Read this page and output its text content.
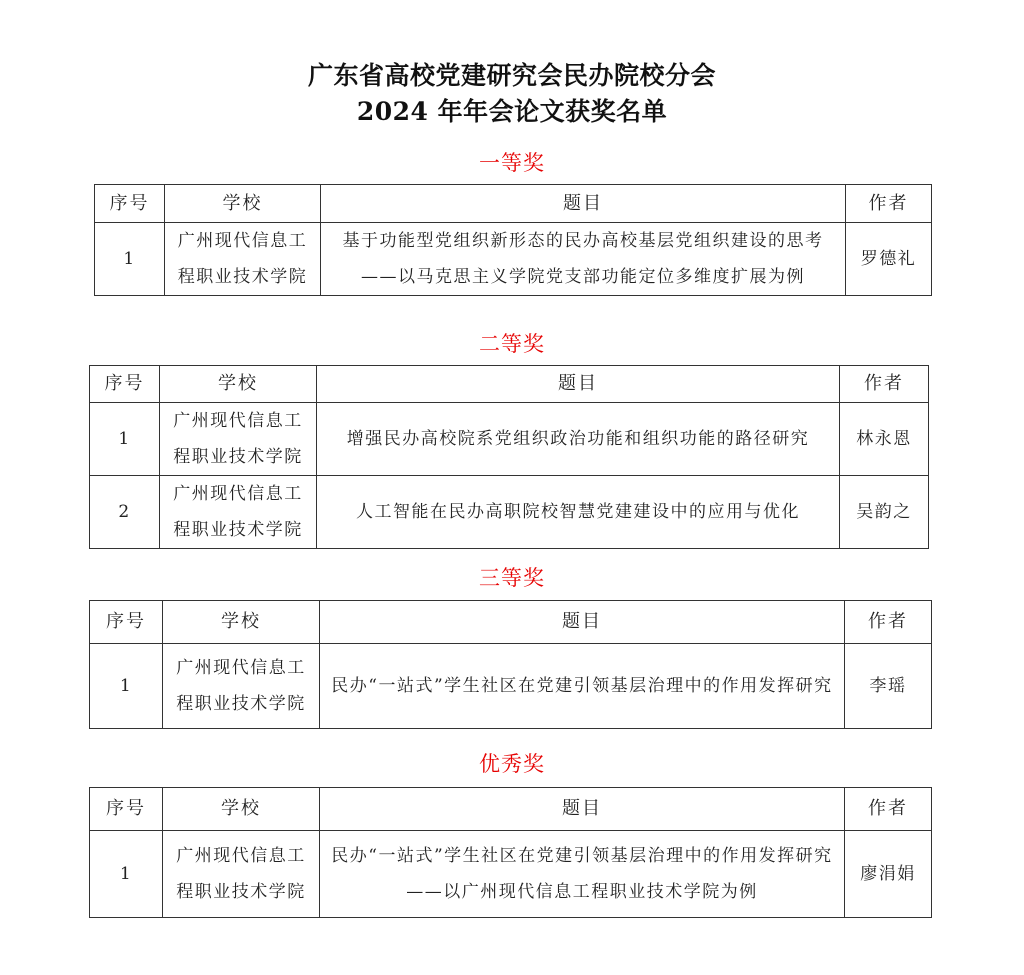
广东省高校党建研究会民办院校分会
2024 年年会论文获奖名单
一等奖
序号	学校	题目	作者
1	广州现代信息工程职业技术学院	基于功能型党组织新形态的民办高校基层党组织建设的思考——以马克思主义学院党支部功能定位多维度扩展为例	罗德礼
二等奖
序号	学校	题目	作者
1	广州现代信息工程职业技术学院	增强民办高校院系党组织政治功能和组织功能的路径研究	林永恩
2	广州现代信息工程职业技术学院	人工智能在民办高职院校智慧党建建设中的应用与优化	吴韵之
三等奖
序号	学校	题目	作者
1	广州现代信息工程职业技术学院	民办“一站式”学生社区在党建引领基层治理中的作用发挥研究	李瑶
优秀奖
序号	学校	题目	作者
1	广州现代信息工程职业技术学院	民办“一站式”学生社区在党建引领基层治理中的作用发挥研究——以广州现代信息工程职业技术学院为例	廖涓娟
